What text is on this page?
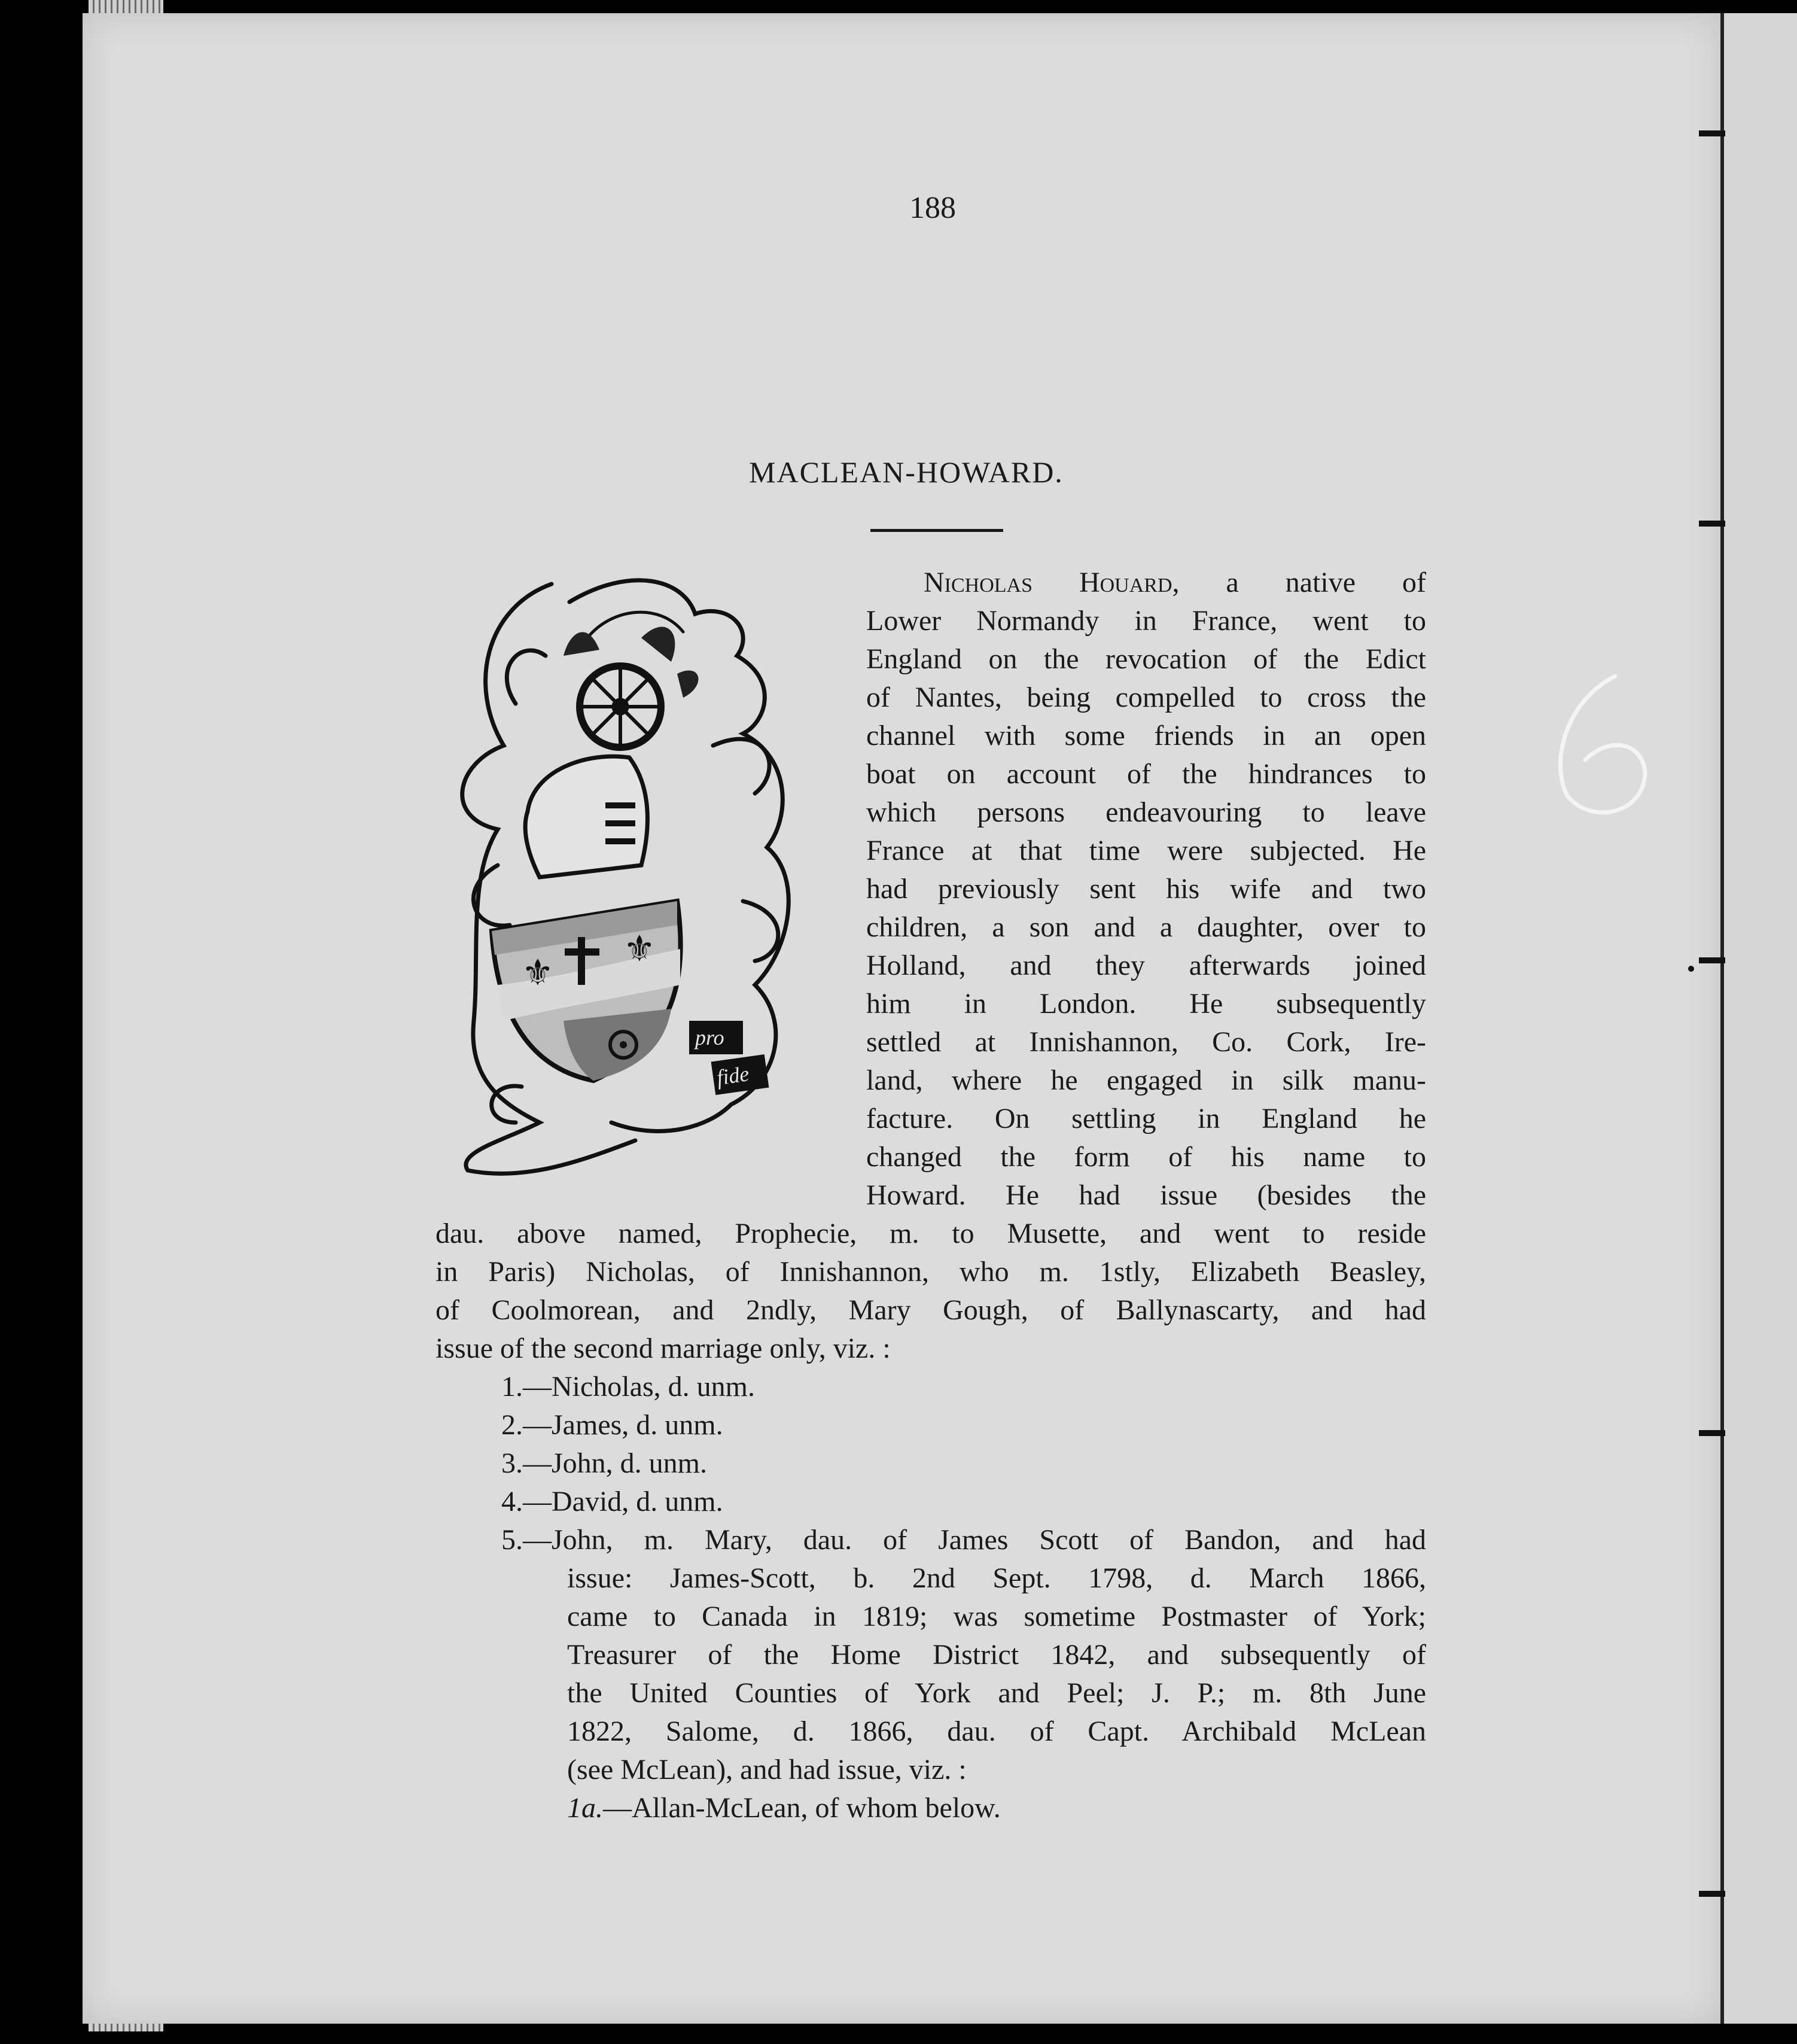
188
MACLEAN-HOWARD.
⚜
⚜
pro
fide
Nicholas Houard, a native of
Lower Normandy in France, went to
England on the revocation of the Edict
of Nantes, being compelled to cross the
channel with some friends in an open
boat on account of the hindrances to
which persons endeavouring to leave
France at that time were subjected. He
had previously sent his wife and two
children, a son and a daughter, over to
Holland, and they afterwards joined
him in London. He subsequently
settled at Innishannon, Co. Cork, Ire-
land, where he engaged in silk manu-
facture. On settling in England he
changed the form of his name to
Howard. He had issue (besides the
dau. above named, Prophecie, m. to Musette, and went to reside
in Paris) Nicholas, of Innishannon, who m. 1stly, Elizabeth Beasley,
of Coolmorean, and 2ndly, Mary Gough, of Ballynascarty, and had
issue of the second marriage only, viz. :
1.—Nicholas, d. unm.
2.—James, d. unm.
3.—John, d. unm.
4.—David, d. unm.
5.—John, m. Mary, dau. of James Scott of Bandon, and had
issue: James-Scott, b. 2nd Sept. 1798, d. March 1866,
came to Canada in 1819; was sometime Postmaster of York;
Treasurer of the Home District 1842, and subsequently of
the United Counties of York and Peel; J. P.; m. 8th June
1822, Salome, d. 1866, dau. of Capt. Archibald McLean
(see McLean), and had issue, viz. :
1a.—Allan-McLean, of whom below.
